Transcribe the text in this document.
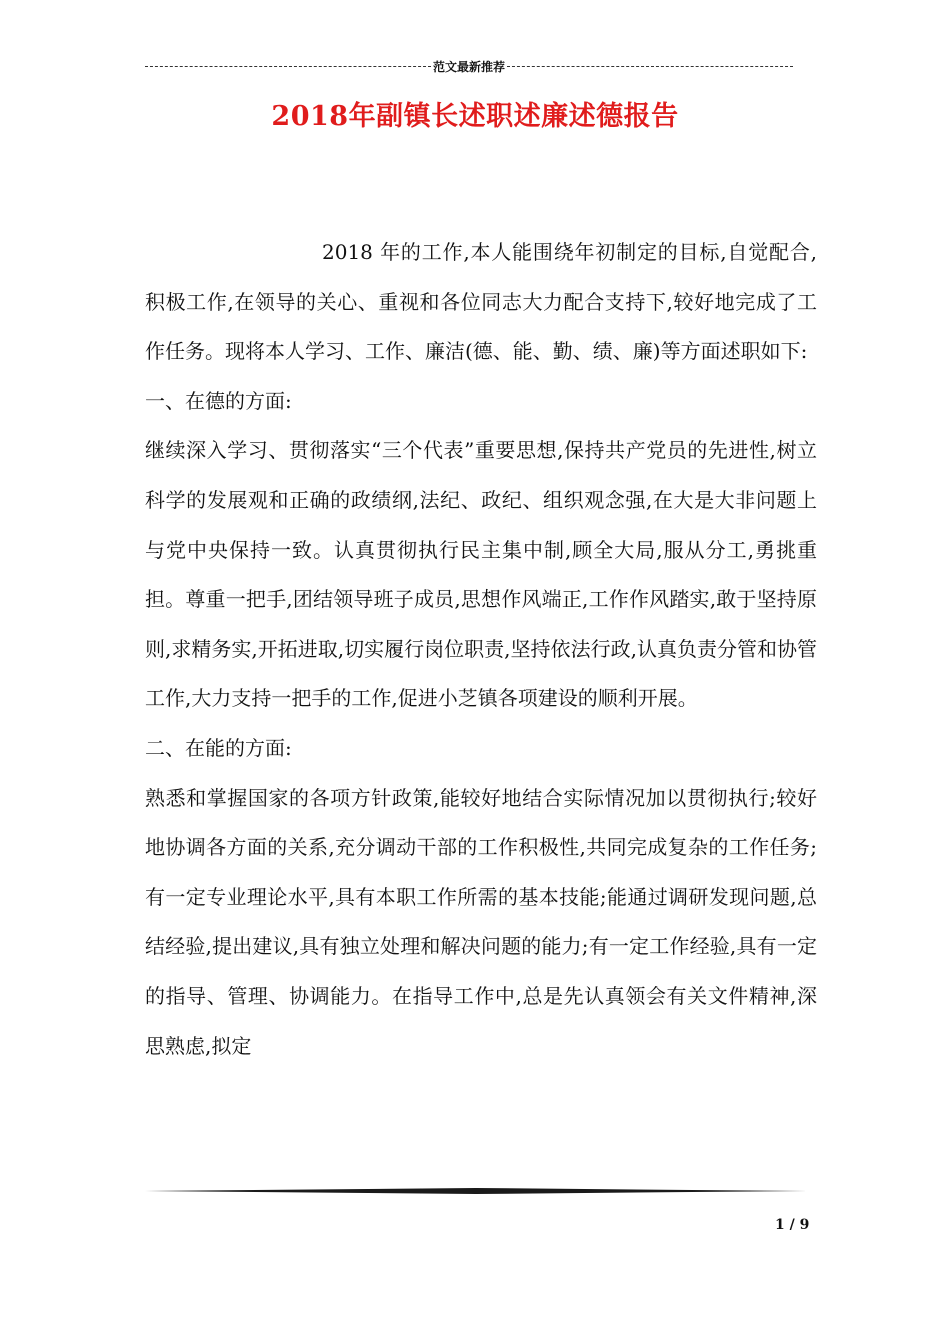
范文最新推荐
2018年副镇长述职述廉述德报告

2018 年的工作,本人能围绕年初制定的目标,自觉配合,积极工作,在领导的关心、重视和各位同志大力配合支持下,较好地完成了工作任务。现将本人学习、工作、廉洁(德、能、勤、绩、廉)等方面述职如下:

一、在德的方面:

继续深入学习、贯彻落实“三个代表”重要思想,保持共产党员的先进性,树立科学的发展观和正确的政绩纲,法纪、政纪、组织观念强,在大是大非问题上与党中央保持一致。认真贯彻执行民主集中制,顾全大局,服从分工,勇挑重担。尊重一把手,团结领导班子成员,思想作风端正,工作作风踏实,敢于坚持原则,求精务实,开拓进取,切实履行岗位职责,坚持依法行政,认真负责分管和协管工作,大力支持一把手的工作,促进小芝镇各项建设的顺利开展。

二、在能的方面:

熟悉和掌握国家的各项方针政策,能较好地结合实际情况加以贯彻执行;较好地协调各方面的关系,充分调动干部的工作积极性,共同完成复杂的工作任务;有一定专业理论水平,具有本职工作所需的基本技能;能通过调研发现问题,总结经验,提出建议,具有独立处理和解决问题的能力;有一定工作经验,具有一定的指导、管理、协调能力。在指导工作中,总是先认真领会有关文件精神,深思熟虑,拟定

1 / 9
